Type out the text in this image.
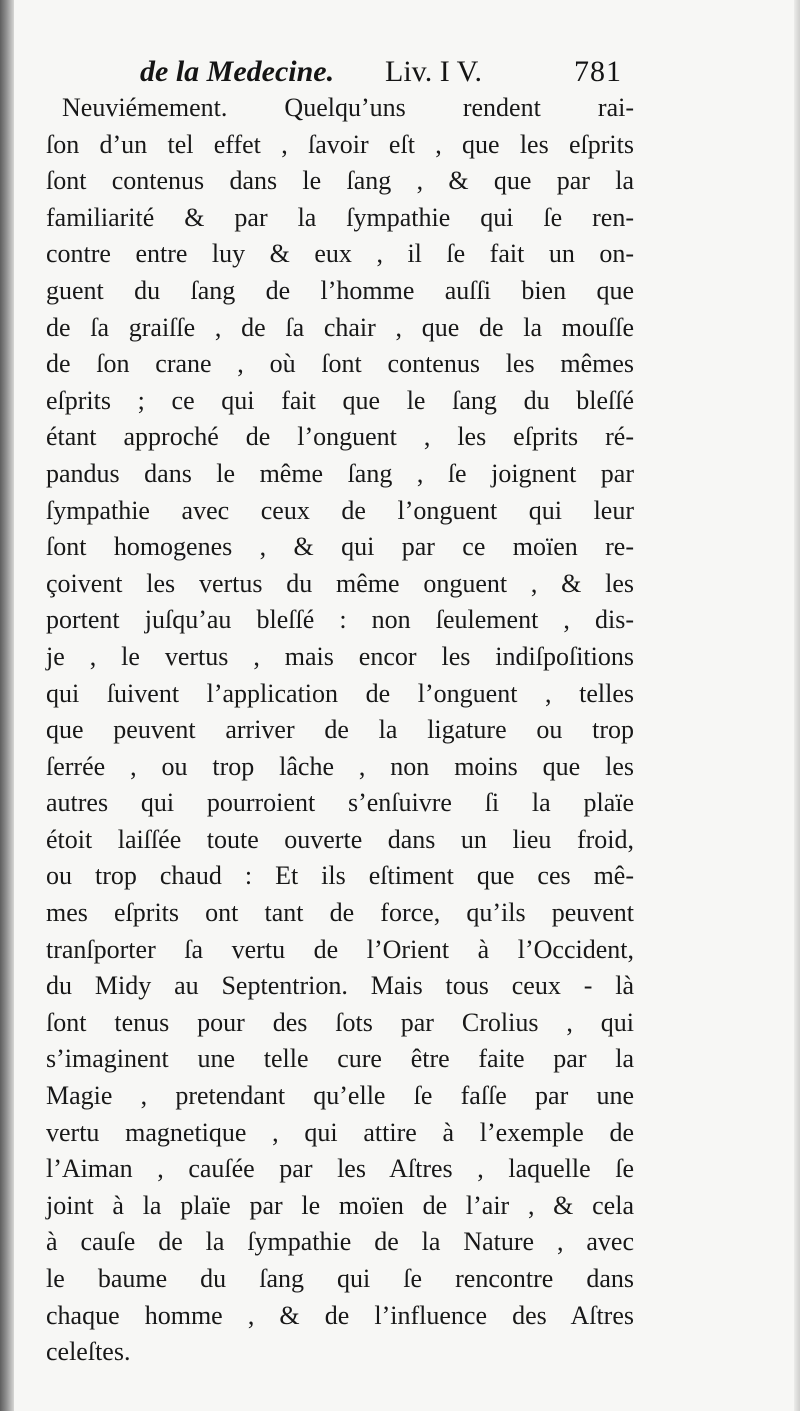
de la Medecine. Liv. I V.	781
Neuviémement. Quelqu’uns rendent rai-
ſon d’un tel effet , ſavoir eſt , que les eſprits
ſont contenus dans le ſang , & que par la
familiarité & par la ſympathie qui ſe ren-
contre entre luy & eux , il ſe fait un on-
guent du ſang de l’homme auſſi bien que
de ſa graiſſe , de ſa chair , que de la mouſſe
de ſon crane , où ſont contenus les mêmes
eſprits ; ce qui fait que le ſang du bleſſé
étant approché de l’onguent , les eſprits ré-
pandus dans le même ſang , ſe joignent par
ſympathie avec ceux de l’onguent qui leur
ſont homogenes , & qui par ce moïen re-
çoivent les vertus du même onguent , & les
portent juſqu’au bleſſé : non ſeulement , dis-
je , le vertus , mais encor les indiſpoſitions
qui ſuivent l’application de l’onguent , telles
que peuvent arriver de la ligature ou trop
ſerrée , ou trop lâche , non moins que les
autres qui pourroient s’enſuivre ſi la plaïe
étoit laiſſée toute ouverte dans un lieu froid,
ou trop chaud : Et ils eſtiment que ces mê-
mes eſprits ont tant de force, qu’ils peuvent
tranſporter ſa vertu de l’Orient à l’Occident,
du Midy au Septentrion. Mais tous ceux - là
ſont tenus pour des ſots par Crolius , qui
s’imaginent une telle cure être faite par la
Magie , pretendant qu’elle ſe faſſe par une
vertu magnetique , qui attire à l’exemple de
l’Aiman , cauſée par les Aſtres , laquelle ſe
joint à la plaïe par le moïen de l’air , & cela
à cauſe de la ſympathie de la Nature , avec
le baume du ſang qui ſe rencontre dans
chaque homme , & de l’influence des Aſtres
celeſtes.
